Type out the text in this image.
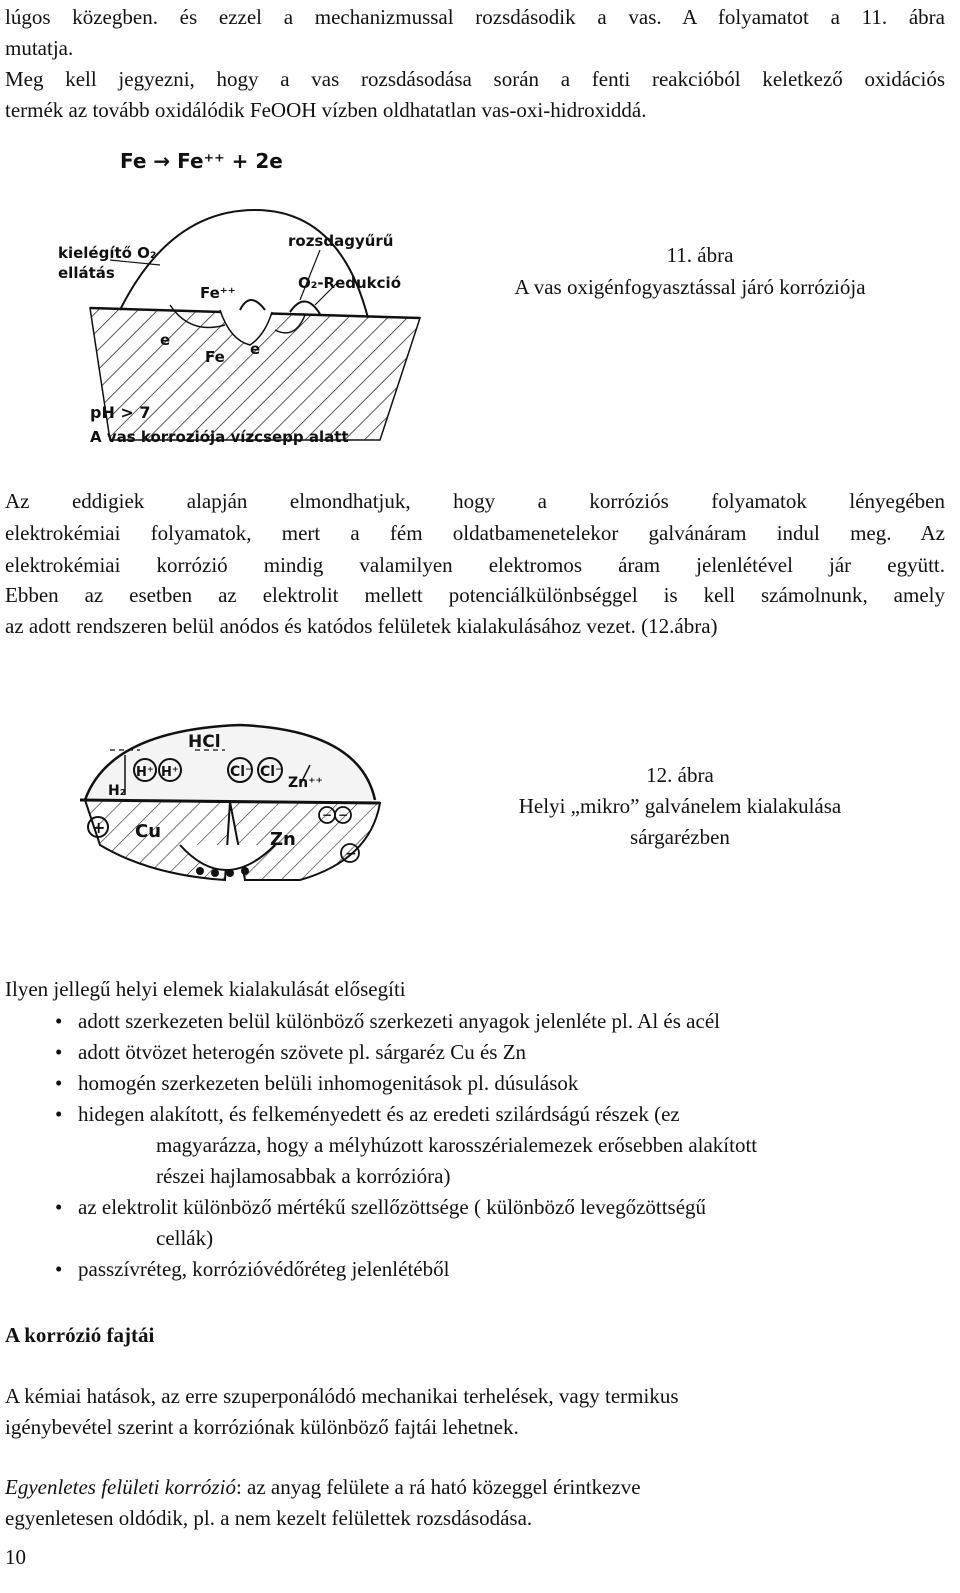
lúgos közegben. és ezzel a mechanizmussal rozsdásodik a vas. A folyamatot a 11. ábra

mutatja.

Meg kell jegyezni, hogy a vas rozsdásodása során a fenti reakcióból keletkező oxidációs

termék az tovább oxidálódik FeOOH vízben oldhatatlan vas-oxi-hidroxiddá.

Fe → Fe⁺⁺ + 2e
kielégítő O₂
ellátás
rozsdagyűrű
O₂-Redukció
Fe⁺⁺
e
Fe e
pH > 7
A vas korroziója vízcsepp alatt
11. ábra
A vas oxigénfogyasztással járó korróziója

Az eddigiek alapján elmondhatjuk, hogy a korróziós folyamatok lényegében

elektrokémiai folyamatok, mert a fém oldatbamenetelekor galvánáram indul meg. Az

elektrokémiai korrózió mindig valamilyen elektromos áram jelenlétével jár együtt.

Ebben az esetben az elektrolit mellett potenciálkülönbséggel is kell számolnunk, amely

az adott rendszeren belül anódos és katódos felületek kialakulásához vezet. (12.ábra)

+
− −
−
HCl
H⁺ H⁺	Cl⁻ Cl⁻
H₂	Zn⁺⁺
Cu	Zn
12. ábra
Helyi „mikro” galvánelem kialakulása
sárgarézben

Ilyen jellegű helyi elemek kialakulását elősegíti

• adott szerkezeten belül különböző szerkezeti anyagok jelenléte pl. Al és acél
• adott ötvözet heterogén szövete pl. sárgaréz Cu és Zn
• homogén szerkezeten belüli inhomogenitások pl. dúsulások
• hidegen alakított, és felkeményedett és az eredeti szilárdságú részek (ez
magyarázza, hogy a mélyhúzott karosszérialemezek erősebben alakított
részei hajlamosabbak a korrózióra)
• az elektrolit különböző mértékű szellőzöttsége ( különböző levegőzöttségű
cellák)
• passzívréteg, korrózióvédőréteg jelenlétéből

A korrózió fajtái

A kémiai hatások, az erre szuperponálódó mechanikai terhelések, vagy termikus

igénybevétel szerint a korróziónak különböző fajtái lehetnek.

Egyenletes felületi korrózió: az anyag felülete a rá ható közeggel érintkezve

egyenletesen oldódik, pl. a nem kezelt felülettek rozsdásodása.

10
